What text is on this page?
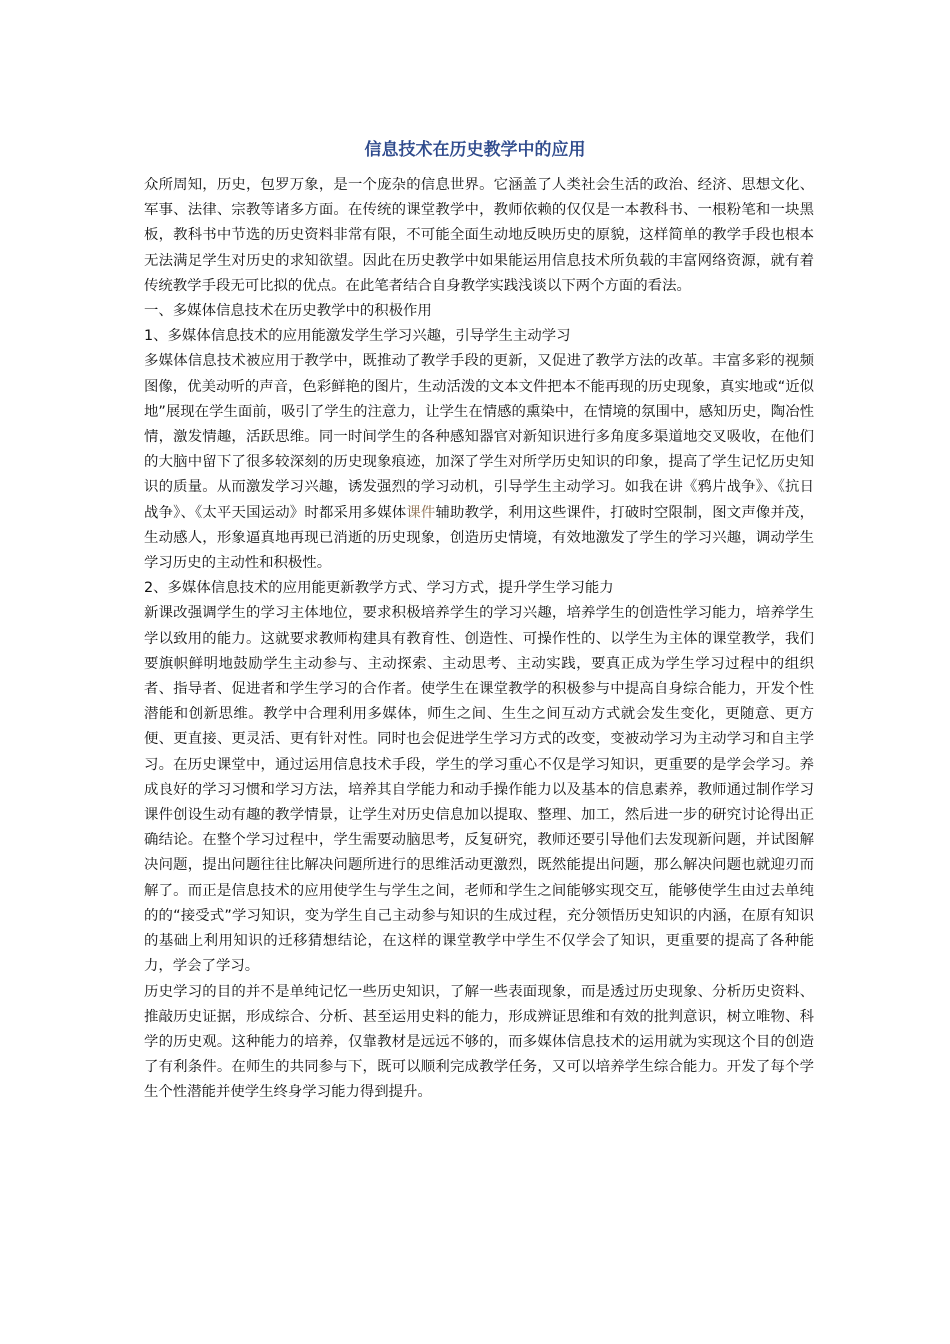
信息技术在历史教学中的应用

众所周知，历史，包罗万象，是一个庞杂的信息世界。它涵盖了人类社会生活的政治、经济、思想文化、军事、法律、宗教等诸多方面。在传统的课堂教学中，教师依赖的仅仅是一本教科书、一根粉笔和一块黑板，教科书中节选的历史资料非常有限，不可能全面生动地反映历史的原貌，这样简单的教学手段也根本无法满足学生对历史的求知欲望。因此在历史教学中如果能运用信息技术所负载的丰富网络资源，就有着传统教学手段无可比拟的优点。在此笔者结合自身教学实践浅谈以下两个方面的看法。

一、多媒体信息技术在历史教学中的积极作用

1、多媒体信息技术的应用能激发学生学习兴趣，引导学生主动学习

多媒体信息技术被应用于教学中，既推动了教学手段的更新，又促进了教学方法的改革。丰富多彩的视频图像，优美动听的声音，色彩鲜艳的图片，生动活泼的文本文件把本不能再现的历史现象，真实地或“近似地”展现在学生面前，吸引了学生的注意力，让学生在情感的熏染中，在情境的氛围中，感知历史，陶冶性情，激发情趣，活跃思维。同一时间学生的各种感知器官对新知识进行多角度多渠道地交叉吸收，在他们的大脑中留下了很多较深刻的历史现象痕迹，加深了学生对所学历史知识的印象，提高了学生记忆历史知识的质量。从而激发学习兴趣，诱发强烈的学习动机，引导学生主动学习。如我在讲《鸦片战争》、《抗日战争》、《太平天国运动》时都采用多媒体课件辅助教学，利用这些课件，打破时空限制，图文声像并茂，生动感人，形象逼真地再现已消逝的历史现象，创造历史情境，有效地激发了学生的学习兴趣，调动学生学习历史的主动性和积极性。

2、多媒体信息技术的应用能更新教学方式、学习方式，提升学生学习能力

新课改强调学生的学习主体地位，要求积极培养学生的学习兴趣，培养学生的创造性学习能力，培养学生学以致用的能力。这就要求教师构建具有教育性、创造性、可操作性的、以学生为主体的课堂教学，我们要旗帜鲜明地鼓励学生主动参与、主动探索、主动思考、主动实践，要真正成为学生学习过程中的组织者、指导者、促进者和学生学习的合作者。使学生在课堂教学的积极参与中提高自身综合能力，开发个性潜能和创新思维。教学中合理利用多媒体，师生之间、生生之间互动方式就会发生变化，更随意、更方便、更直接、更灵活、更有针对性。同时也会促进学生学习方式的改变，变被动学习为主动学习和自主学习。在历史课堂中，通过运用信息技术手段，学生的学习重心不仅是学习知识，更重要的是学会学习。养成良好的学习习惯和学习方法，培养其自学能力和动手操作能力以及基本的信息素养，教师通过制作学习课件创设生动有趣的教学情景，让学生对历史信息加以提取、整理、加工，然后进一步的研究讨论得出正确结论。在整个学习过程中，学生需要动脑思考，反复研究，教师还要引导他们去发现新问题，并试图解决问题，提出问题往往比解决问题所进行的思维活动更激烈，既然能提出问题，那么解决问题也就迎刃而解了。而正是信息技术的应用使学生与学生之间，老师和学生之间能够实现交互，能够使学生由过去单纯的的“接受式”学习知识，变为学生自己主动参与知识的生成过程，充分领悟历史知识的内涵，在原有知识的基础上利用知识的迁移猜想结论，在这样的课堂教学中学生不仅学会了知识，更重要的提高了各种能力，学会了学习。

历史学习的目的并不是单纯记忆一些历史知识，了解一些表面现象，而是透过历史现象、分析历史资料、推敲历史证据，形成综合、分析、甚至运用史料的能力，形成辨证思维和有效的批判意识，树立唯物、科学的历史观。这种能力的培养，仅靠教材是远远不够的，而多媒体信息技术的运用就为实现这个目的创造了有利条件。在师生的共同参与下，既可以顺利完成教学任务，又可以培养学生综合能力。开发了每个学生个性潜能并使学生终身学习能力得到提升。
